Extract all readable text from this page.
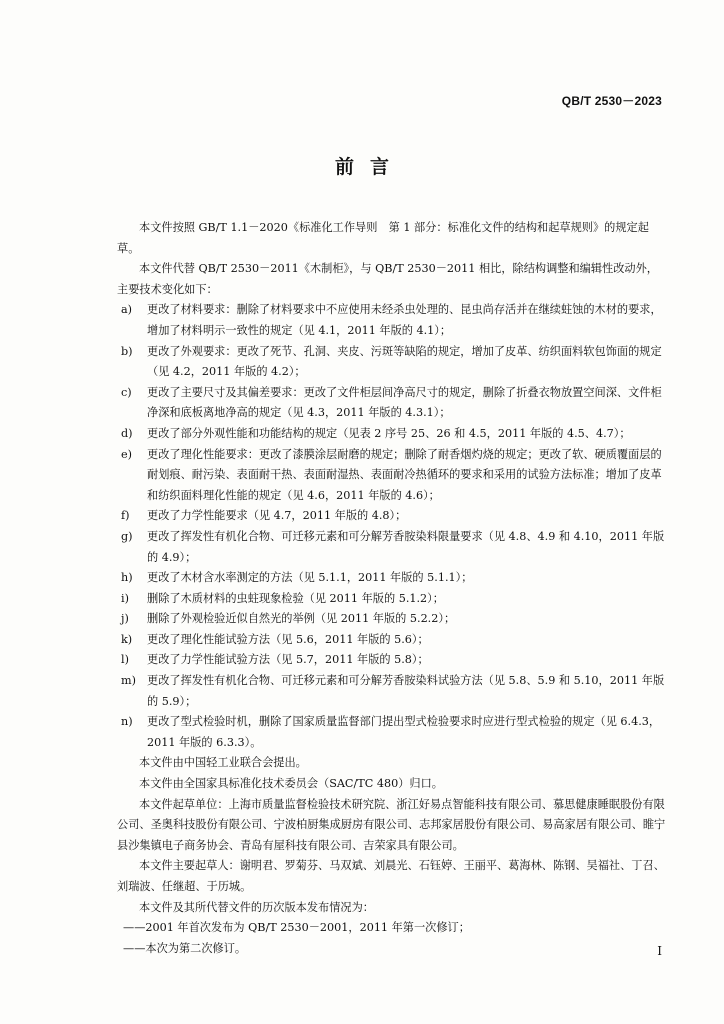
QB/T 2530－2023
前言

本文件按照 GB/T 1.1－2020《标准化工作导则　第 1 部分：标准化文件的结构和起草规则》的规定起草。

本文件代替 QB/T 2530－2011《木制柜》，与 QB/T 2530－2011 相比，除结构调整和编辑性改动外，主要技术变化如下：

a)	更改了材料要求：删除了材料要求中不应使用未经杀虫处理的、昆虫尚存活并在继续蛀蚀的木材的要求，增加了材料明示一致性的规定（见 4.1，2011 年版的 4.1）；
b)	更改了外观要求：更改了死节、孔洞、夹皮、污斑等缺陷的规定，增加了皮革、纺织面料软包饰面的规定（见 4.2，2011 年版的 4.2）；
c)	更改了主要尺寸及其偏差要求：更改了文件柜层间净高尺寸的规定，删除了折叠衣物放置空间深、文件柜净深和底板离地净高的规定（见 4.3，2011 年版的 4.3.1）；
d)	更改了部分外观性能和功能结构的规定（见表 2 序号 25、26 和 4.5，2011 年版的 4.5、4.7）；
e)	更改了理化性能要求：更改了漆膜涂层耐磨的规定；删除了耐香烟灼烧的规定；更改了软、硬质覆面层的耐划痕、耐污染、表面耐干热、表面耐湿热、表面耐冷热循环的要求和采用的试验方法标准；增加了皮革和纺织面料理化性能的规定（见 4.6，2011 年版的 4.6）；
f)	更改了力学性能要求（见 4.7，2011 年版的 4.8）；
g)	更改了挥发性有机化合物、可迁移元素和可分解芳香胺染料限量要求（见 4.8、4.9 和 4.10，2011 年版的 4.9）；
h)	更改了木材含水率测定的方法（见 5.1.1，2011 年版的 5.1.1）；
i)	删除了木质材料的虫蛀现象检验（见 2011 年版的 5.1.2）；
j)	删除了外观检验近似自然光的举例（见 2011 年版的 5.2.2）；
k)	更改了理化性能试验方法（见 5.6，2011 年版的 5.6）；
l)	更改了力学性能试验方法（见 5.7，2011 年版的 5.8）；
m) 更改了挥发性有机化合物、可迁移元素和可分解芳香胺染料试验方法（见 5.8、5.9 和 5.10，2011 年版的 5.9）；
n)	更改了型式检验时机，删除了国家质量监督部门提出型式检验要求时应进行型式检验的规定（见 6.4.3，2011 年版的 6.3.3）。

本文件由中国轻工业联合会提出。

本文件由全国家具标准化技术委员会（SAC/TC 480）归口。

本文件起草单位：上海市质量监督检验技术研究院、浙江好易点智能科技有限公司、慕思健康睡眠股份有限公司、圣奥科技股份有限公司、宁波柏厨集成厨房有限公司、志邦家居股份有限公司、易高家居有限公司、睢宁县沙集镇电子商务协会、青岛有屋科技有限公司、吉荣家具有限公司。

本文件主要起草人：谢明君、罗菊芬、马双斌、刘晨光、石钰婷、王丽平、葛海林、陈钢、吴福社、丁召、刘瑞波、任继超、于历城。

本文件及其所代替文件的历次版本发布情况为：

——2001 年首次发布为 QB/T 2530－2001，2011 年第一次修订；

——本次为第二次修订。	I
